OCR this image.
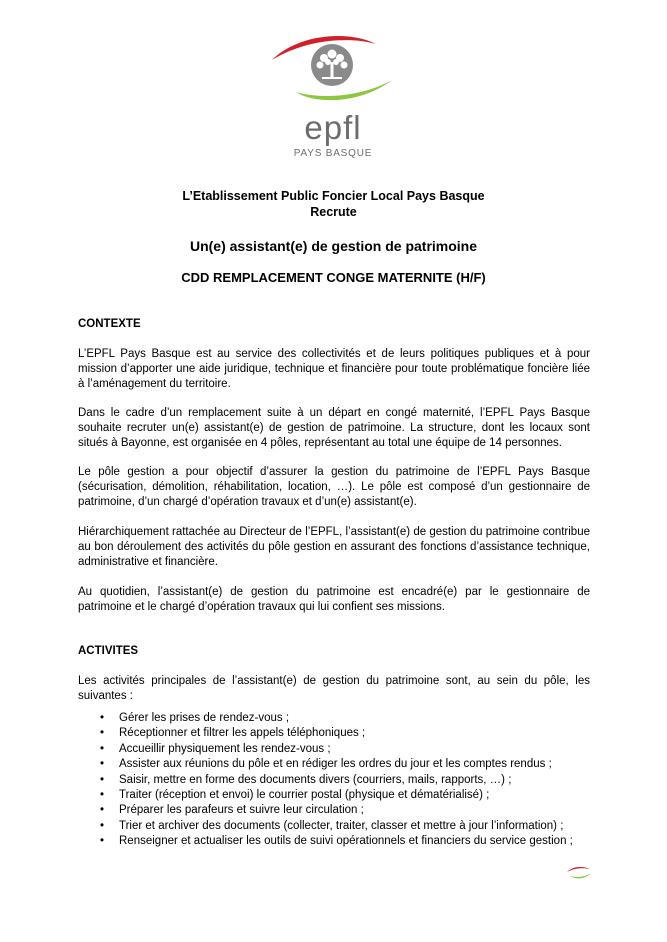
epfl
PAYS BASQUE
L’Etablissement Public Foncier Local Pays Basque
Recrute
Un(e) assistant(e) de gestion de patrimoine
CDD REMPLACEMENT CONGE MATERNITE (H/F)
CONTEXTE
L’EPFL Pays Basque est au service des collectivités et de leurs politiques publiques et à pour mission d’apporter une aide juridique, technique et financière pour toute problématique foncière liée à l’aménagement du territoire.
Dans le cadre d’un remplacement suite à un départ en congé maternité, l’EPFL Pays Basque souhaite recruter un(e) assistant(e) de gestion de patrimoine. La structure, dont les locaux sont situés à Bayonne, est organisée en 4 pôles, représentant au total une équipe de 14 personnes.
Le pôle gestion a pour objectif d’assurer la gestion du patrimoine de l’EPFL Pays Basque (sécurisation, démolition, réhabilitation, location, …). Le pôle est composé d’un gestionnaire de patrimoine, d’un chargé d’opération travaux et d’un(e) assistant(e).
Hiérarchiquement rattachée au Directeur de l’EPFL, l’assistant(e) de gestion du patrimoine contribue au bon déroulement des activités du pôle gestion en assurant des fonctions d’assistance technique, administrative et financière.
Au quotidien, l’assistant(e) de gestion du patrimoine est encadré(e) par le gestionnaire de patrimoine et le chargé d’opération travaux qui lui confient ses missions.
ACTIVITES
Les activités principales de l’assistant(e) de gestion du patrimoine sont, au sein du pôle, les suivantes :
• Gérer les prises de rendez-vous ;
• Réceptionner et filtrer les appels téléphoniques ;
• Accueillir physiquement les rendez-vous ;
• Assister aux réunions du pôle et en rédiger les ordres du jour et les comptes rendus ;
• Saisir, mettre en forme des documents divers (courriers, mails, rapports, …) ;
• Traiter (réception et envoi) le courrier postal (physique et dématérialisé) ;
• Préparer les parafeurs et suivre leur circulation ;
• Trier et archiver des documents (collecter, traiter, classer et mettre à jour l’information) ;
• Renseigner et actualiser les outils de suivi opérationnels et financiers du service gestion ;
